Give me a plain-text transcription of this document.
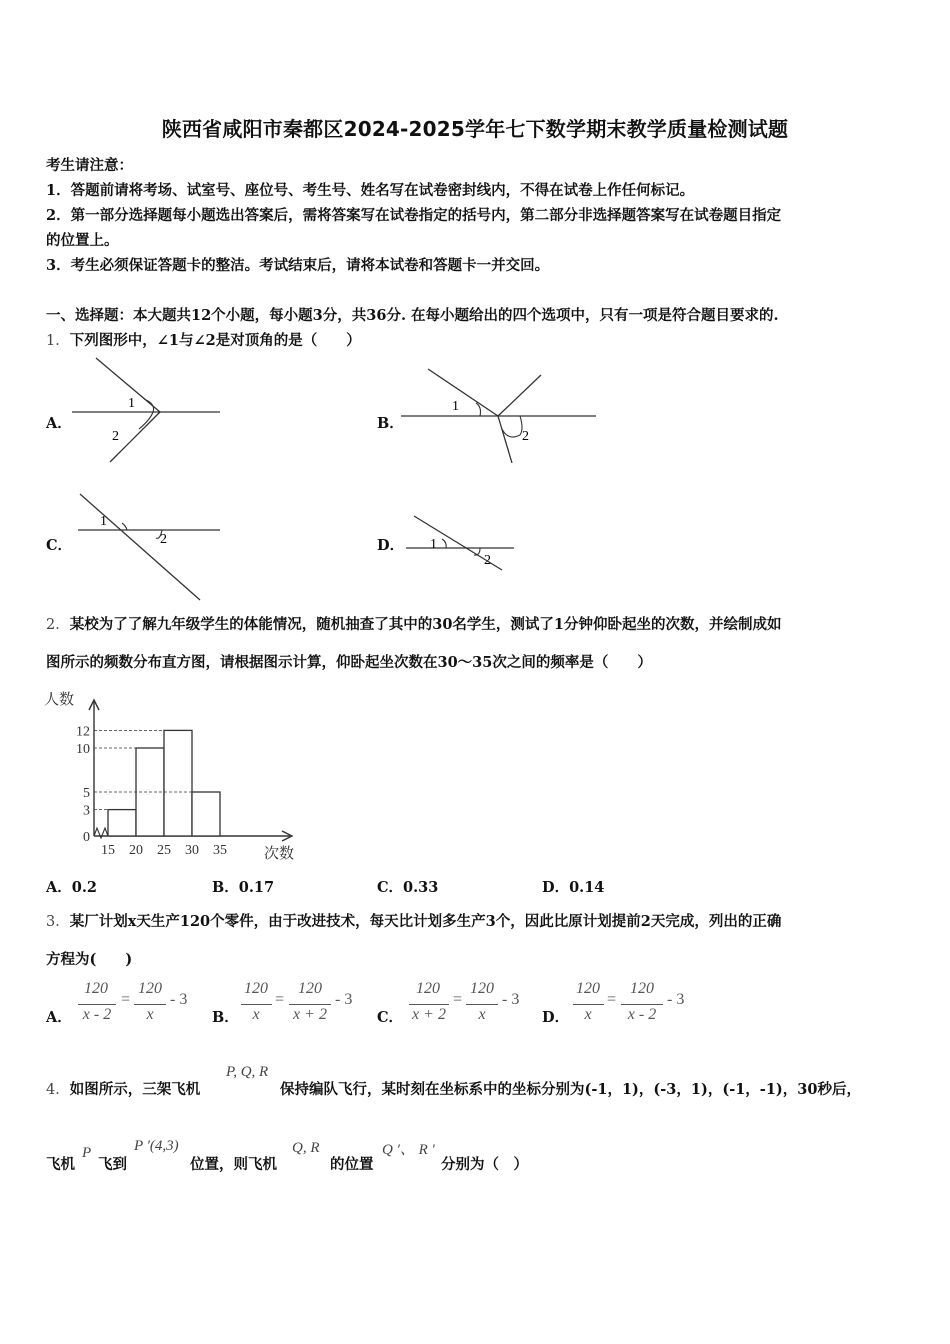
陕西省咸阳市秦都区2024-2025学年七下数学期末教学质量检测试题
考生请注意：
1．答题前请将考场、试室号、座位号、考生号、姓名写在试卷密封线内，不得在试卷上作任何标记。
2．第一部分选择题每小题选出答案后，需将答案写在试卷指定的括号内，第二部分非选择题答案写在试卷题目指定
的位置上。
3．考生必须保证答题卡的整洁。考试结束后，请将本试卷和答题卡一并交回。
一、选择题：本大题共12个小题，每小题3分，共36分. 在每小题给出的四个选项中，只有一项是符合题目要求的.
1．下列图形中，∠1与∠2是对顶角的是（　　）
A．
1
2
B．
1
2
C．
1
2	D． 1
2
2．某校为了了解九年级学生的体能情况，随机抽查了其中的30名学生，测试了1分钟仰卧起坐的次数，并绘制成如
图所示的频数分布直方图，请根据图示计算，仰卧起坐次数在30～35次之间的频率是（　　）
0
3
5
10
12
15 20 25 30 35
人数
次数
A．0.2	B．0.17	C．0.33	D．0.14
3．某厂计划x天生产120个零件，由于改进技术，每天比计划多生产3个，因此比原计划提前2天完成，列出的正确
方程为(　　)
A．
120
x - 2
=
120
x
- 3
B．
120
x
=
120
x + 2
- 3
C．
120
x + 2
=
120
x
- 3
D．
120
x
=
120
x - 2
- 3
4．如图所示，三架飞机
P, Q, R
保持编队飞行，某时刻在坐标系中的坐标分别为(-1，1)，(-3，1)，(-1，-1)，30秒后，
飞机
P
飞到
P ′(4,3)
位置，则飞机
Q, R
的位置
Q ′、 R ′
分别为（　）
